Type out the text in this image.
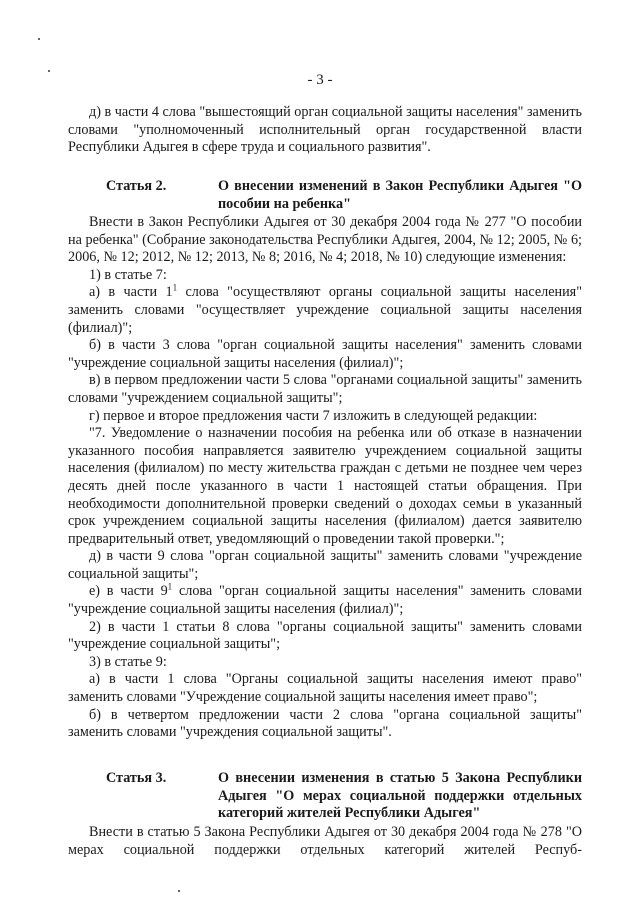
- 3 -

д) в части 4 слова "вышестоящий орган социальной защиты населения" заменить словами "уполномоченный исполнительный орган государственной власти Республики Адыгея в сфере труда и социального развития".

Статья 2.	О внесении изменений в Закон Республики Адыгея "О пособии на ребенка"

Внести в Закон Республики Адыгея от 30 декабря 2004 года № 277 "О пособии на ребенка" (Собрание законодательства Республики Адыгея, 2004, № 12; 2005, № 6; 2006, № 12; 2012, № 12; 2013, № 8; 2016, № 4; 2018, № 10) следующие изменения:

1) в статье 7:

а) в части $1^1$ слова "осуществляют органы социальной защиты населения" заменить словами "осуществляет учреждение социальной защиты населения (филиал)";

б) в части 3 слова "орган социальной защиты населения" заменить словами "учреждение социальной защиты населения (филиал)";

в) в первом предложении части 5 слова "органами социальной защиты" заменить словами "учреждением социальной защиты";

г) первое и второе предложения части 7 изложить в следующей редакции:

"7. Уведомление о назначении пособия на ребенка или об отказе в назначении указанного пособия направляется заявителю учреждением социальной защиты населения (филиалом) по месту жительства граждан с детьми не позднее чем через десять дней после указанного в части 1 настоящей статьи обращения. При необходимости дополнительной проверки сведений о доходах семьи в указанный срок учреждением социальной защиты населения (филиалом) дается заявителю предварительный ответ, уведомляющий о проведении такой проверки.";

д) в части 9 слова "орган социальной защиты" заменить словами "учреждение социальной защиты";

е) в части $9^1$ слова "орган социальной защиты населения" заменить словами "учреждение социальной защиты населения (филиал)";

2) в части 1 статьи 8 слова "органы социальной защиты" заменить словами "учреждение социальной защиты";

3) в статье 9:

а) в части 1 слова "Органы социальной защиты населения имеют право" заменить словами "Учреждение социальной защиты населения имеет право";

б) в четвертом предложении части 2 слова "органа социальной защиты" заменить словами "учреждения социальной защиты".

Статья 3.	О внесении изменения в статью 5 Закона Республики Адыгея "О мерах социальной поддержки отдельных категорий жителей Республики Адыгея"

Внести в статью 5 Закона Республики Адыгея от 30 декабря 2004 года № 278 "О мерах социальной поддержки отдельных категорий жителей Респуб-
